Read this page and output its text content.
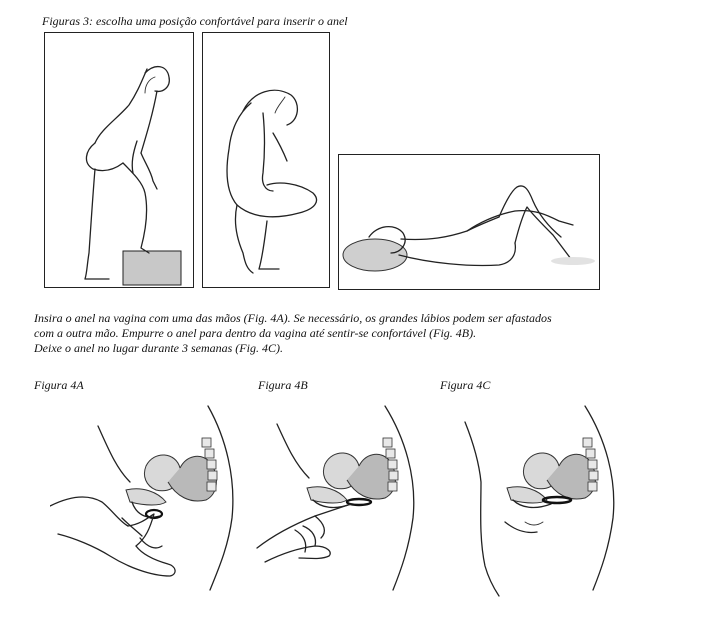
Figuras 3: escolha uma posição confortável para inserir o anel

Insira o anel na vagina com uma das mãos (Fig. 4A). Se necessário, os grandes lábios podem ser afastados

com a outra mão. Empurre o anel para dentro da vagina até sentir-se confortável (Fig. 4B).

Deixe o anel no lugar durante 3 semanas (Fig. 4C).

Figura 4A	Figura 4B	Figura 4C
